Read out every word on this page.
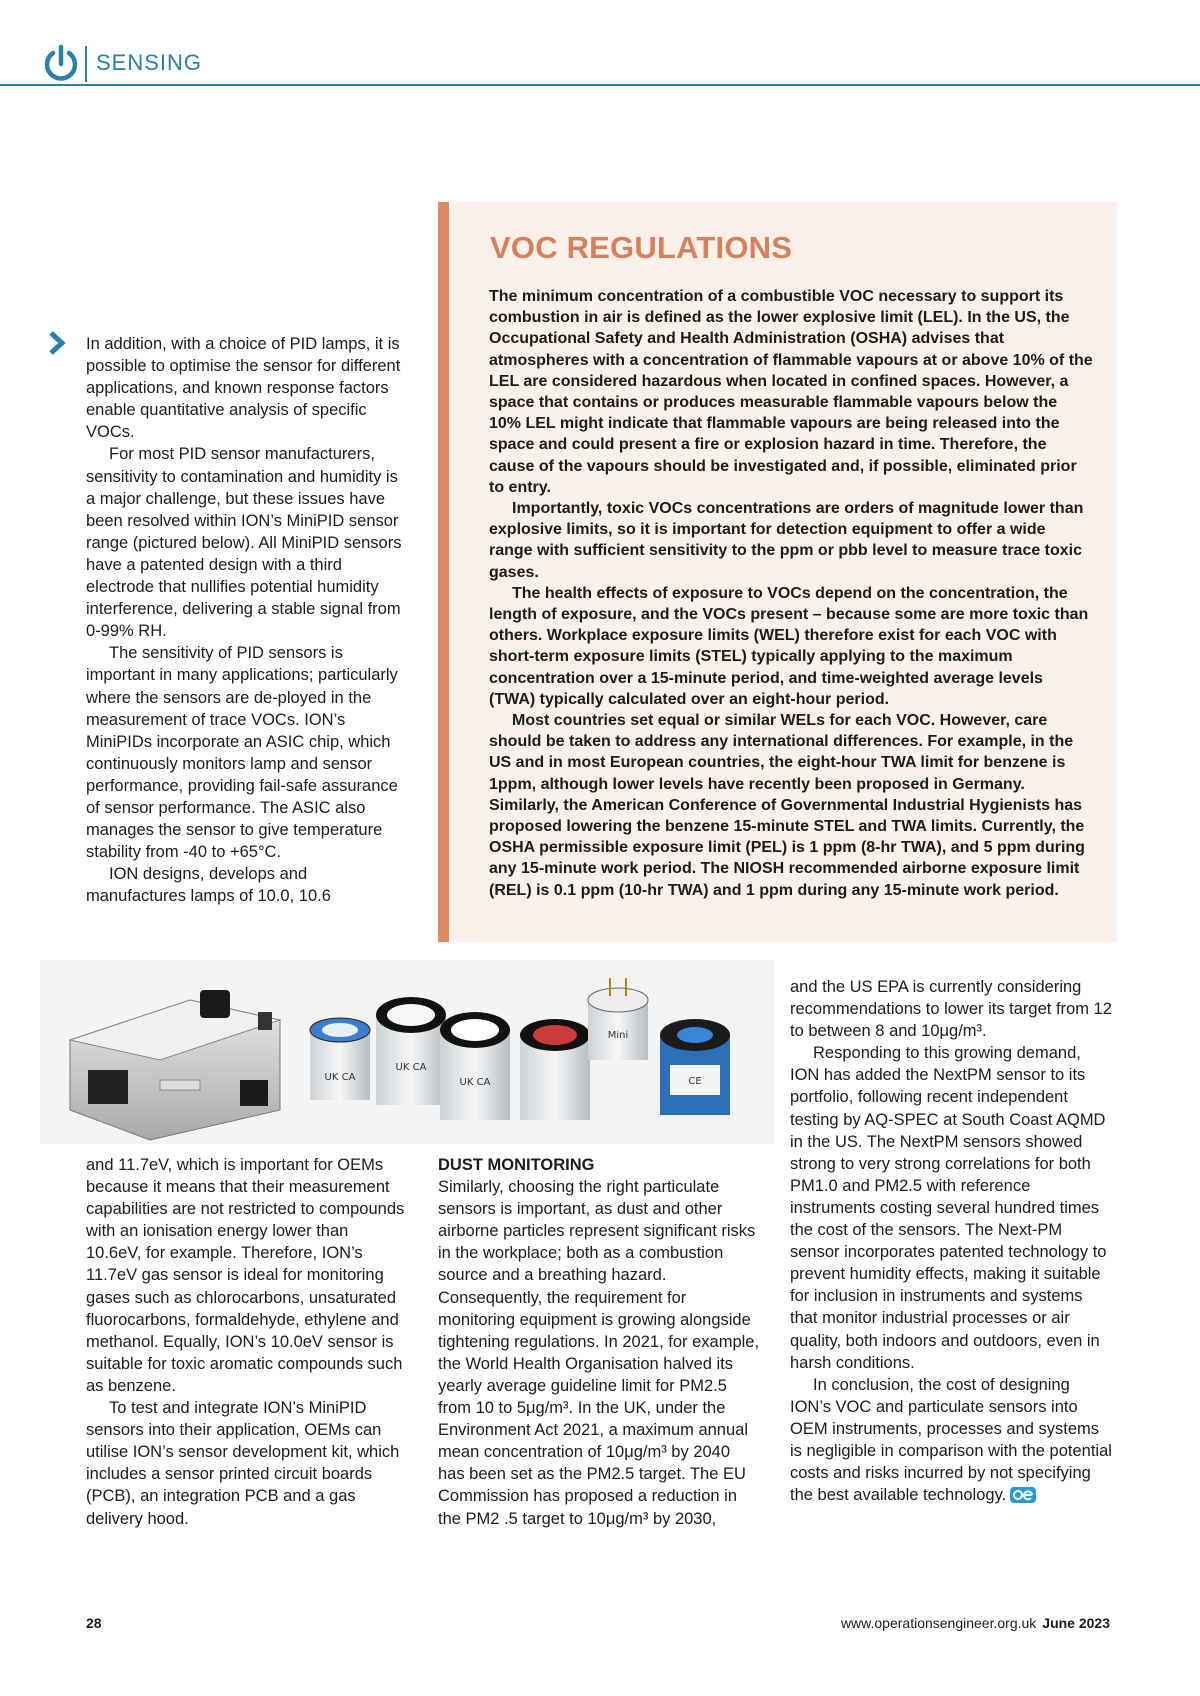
SENSING

In addition, with a choice of PID lamps, it is possible to optimise the sensor for different applications, and known response factors enable quantitative analysis of specific VOCs.

For most PID sensor manufacturers, sensitivity to contamination and humidity is a major challenge, but these issues have been resolved within ION’s MiniPID sensor range (pictured below). All MiniPID sensors have a patented design with a third electrode that nullifies potential humidity interference, delivering a stable signal from 0-99% RH.

The sensitivity of PID sensors is important in many applications; particularly where the sensors are de-ployed in the measurement of trace VOCs. ION’s MiniPIDs incorporate an ASIC chip, which continuously monitors lamp and sensor performance, providing fail-safe assurance of sensor performance. The ASIC also manages the sensor to give temperature stability from -40 to +65°C.

ION designs, develops and manufactures lamps of 10.0, 10.6

VOC REGULATIONS

The minimum concentration of a combustible VOC necessary to support its combustion in air is defined as the lower explosive limit (LEL). In the US, the Occupational Safety and Health Administration (OSHA) advises that atmospheres with a concentration of flammable vapours at or above 10% of the LEL are considered hazardous when located in confined spaces. However, a space that contains or produces measurable flammable vapours below the 10% LEL might indicate that flammable vapours are being released into the space and could present a fire or explosion hazard in time. Therefore, the cause of the vapours should be investigated and, if possible, eliminated prior to entry.

Importantly, toxic VOCs concentrations are orders of magnitude lower than explosive limits, so it is important for detection equipment to offer a wide range with sufficient sensitivity to the ppm or pbb level to measure trace toxic gases.

The health effects of exposure to VOCs depend on the concentration, the length of exposure, and the VOCs present – because some are more toxic than others. Workplace exposure limits (WEL) therefore exist for each VOC with short-term exposure limits (STEL) typically applying to the maximum concentration over a 15-minute period, and time-weighted average levels (TWA) typically calculated over an eight-hour period.

Most countries set equal or similar WELs for each VOC. However, care should be taken to address any international differences. For example, in the US and in most European countries, the eight-hour TWA limit for benzene is 1ppm, although lower levels have recently been proposed in Germany. Similarly, the American Conference of Governmental Industrial Hygienists has proposed lowering the benzene 15-minute STEL and TWA limits. Currently, the OSHA permissible exposure limit (PEL) is 1 ppm (8-hr TWA), and 5 ppm during any 15-minute work period. The NIOSH recommended airborne exposure limit (REL) is 0.1 ppm (10-hr TWA) and 1 ppm during any 15-minute work period.

UK CA
UK CA
UK CA
Mini
CE

and 11.7eV, which is important for OEMs because it means that their measurement capabilities are not restricted to compounds with an ionisation energy lower than 10.6eV, for example. Therefore, ION’s 11.7eV gas sensor is ideal for monitoring gases such as chlorocarbons, unsaturated fluorocarbons, formaldehyde, ethylene and methanol. Equally, ION’s 10.0eV sensor is suitable for toxic aromatic compounds such as benzene.

To test and integrate ION’s MiniPID sensors into their application, OEMs can utilise ION’s sensor development kit, which includes a sensor printed circuit boards (PCB), an integration PCB and a gas delivery hood.

DUST MONITORING

Similarly, choosing the right particulate sensors is important, as dust and other airborne particles represent significant risks in the workplace; both as a combustion source and a breathing hazard. Consequently, the requirement for monitoring equipment is growing alongside tightening regulations. In 2021, for example, the World Health Organisation halved its yearly average guideline limit for PM2.5 from 10 to 5μg/m³. In the UK, under the Environment Act 2021, a maximum annual mean concentration of 10μg/m³ by 2040 has been set as the PM2.5 target. The EU Commission has proposed a reduction in the PM2 .5 target to 10μg/m³ by 2030,

and the US EPA is currently considering recommendations to lower its target from 12 to between 8 and 10μg/m³.

Responding to this growing demand, ION has added the NextPM sensor to its portfolio, following recent independent testing by AQ-SPEC at South Coast AQMD in the US. The NextPM sensors showed strong to very strong correlations for both PM1.0 and PM2.5 with reference instruments costing several hundred times the cost of the sensors. The Next-PM sensor incorporates patented technology to prevent humidity effects, making it suitable for inclusion in instruments and systems that monitor industrial processes or air quality, both indoors and outdoors, even in harsh conditions.

In conclusion, the cost of designing ION’s VOC and particulate sensors into OEM instruments, processes and systems is negligible in comparison with the potential costs and risks incurred by not specifying the best available technology.

28	www.operationsengineer.org.uk June 2023
